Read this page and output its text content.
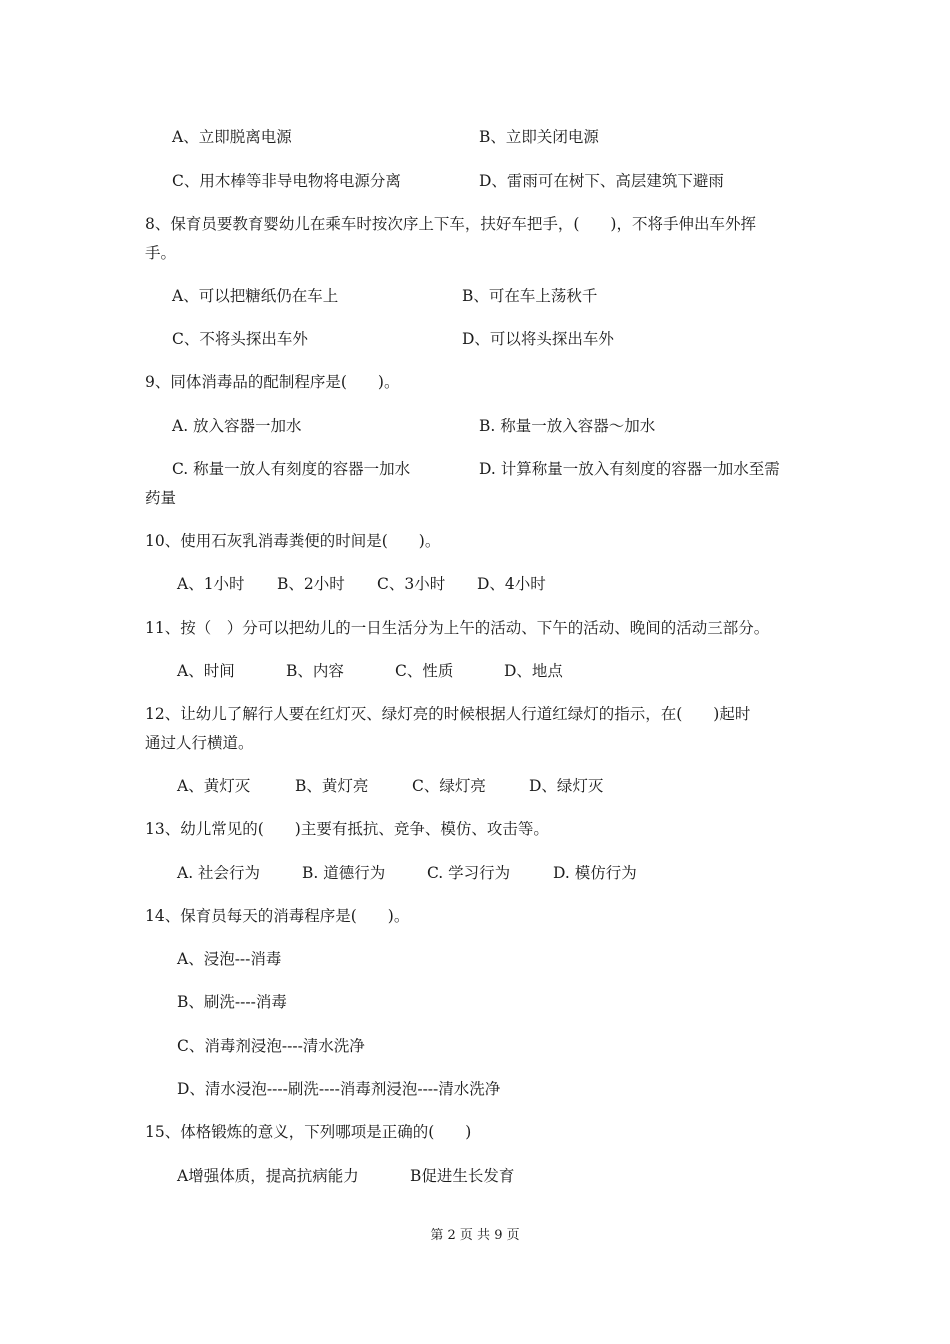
A、立即脱离电源	B、立即关闭电源
C、用木棒等非导电物将电源分离	D、雷雨可在树下、高层建筑下避雨
8、保育员要教育婴幼儿在乘车时按次序上下车，扶好车把手，(　　)，不将手伸出车外挥
手。
A、可以把糖纸仍在车上	B、可在车上荡秋千
C、不将头探出车外	D、可以将头探出车外
9、同体消毒品的配制程序是(　　)。
A. 放入容器一加水	B. 称量一放入容器～加水
C. 称量一放人有刻度的容器一加水	D. 计算称量一放入有刻度的容器一加水至需
药量
10、使用石灰乳消毒粪便的时间是(　　)。
A、1小时 B、2小时 C、3小时 D、4小时
11、按（　）分可以把幼儿的一日生活分为上午的活动、下午的活动、晚间的活动三部分。
A、时间	B、内容	C、性质	D、地点
12、让幼儿了解行人要在红灯灭、绿灯亮的时候根据人行道红绿灯的指示，在(　　)起时
通过人行横道。
A、黄灯灭	B、黄灯亮	C、绿灯亮	D、绿灯灭
13、幼儿常见的(　　)主要有抵抗、竞争、模仿、攻击等。
A. 社会行为	B. 道德行为	C. 学习行为	D. 模仿行为
14、保育员每天的消毒程序是(　　)。
A、浸泡---消毒
B、刷洗----消毒
C、消毒剂浸泡----清水洗净
D、清水浸泡----刷洗----消毒剂浸泡----清水洗净
15、体格锻炼的意义，下列哪项是正确的(　　)
A增强体质，提高抗病能力	B促进生长发育
第 2 页 共 9 页
